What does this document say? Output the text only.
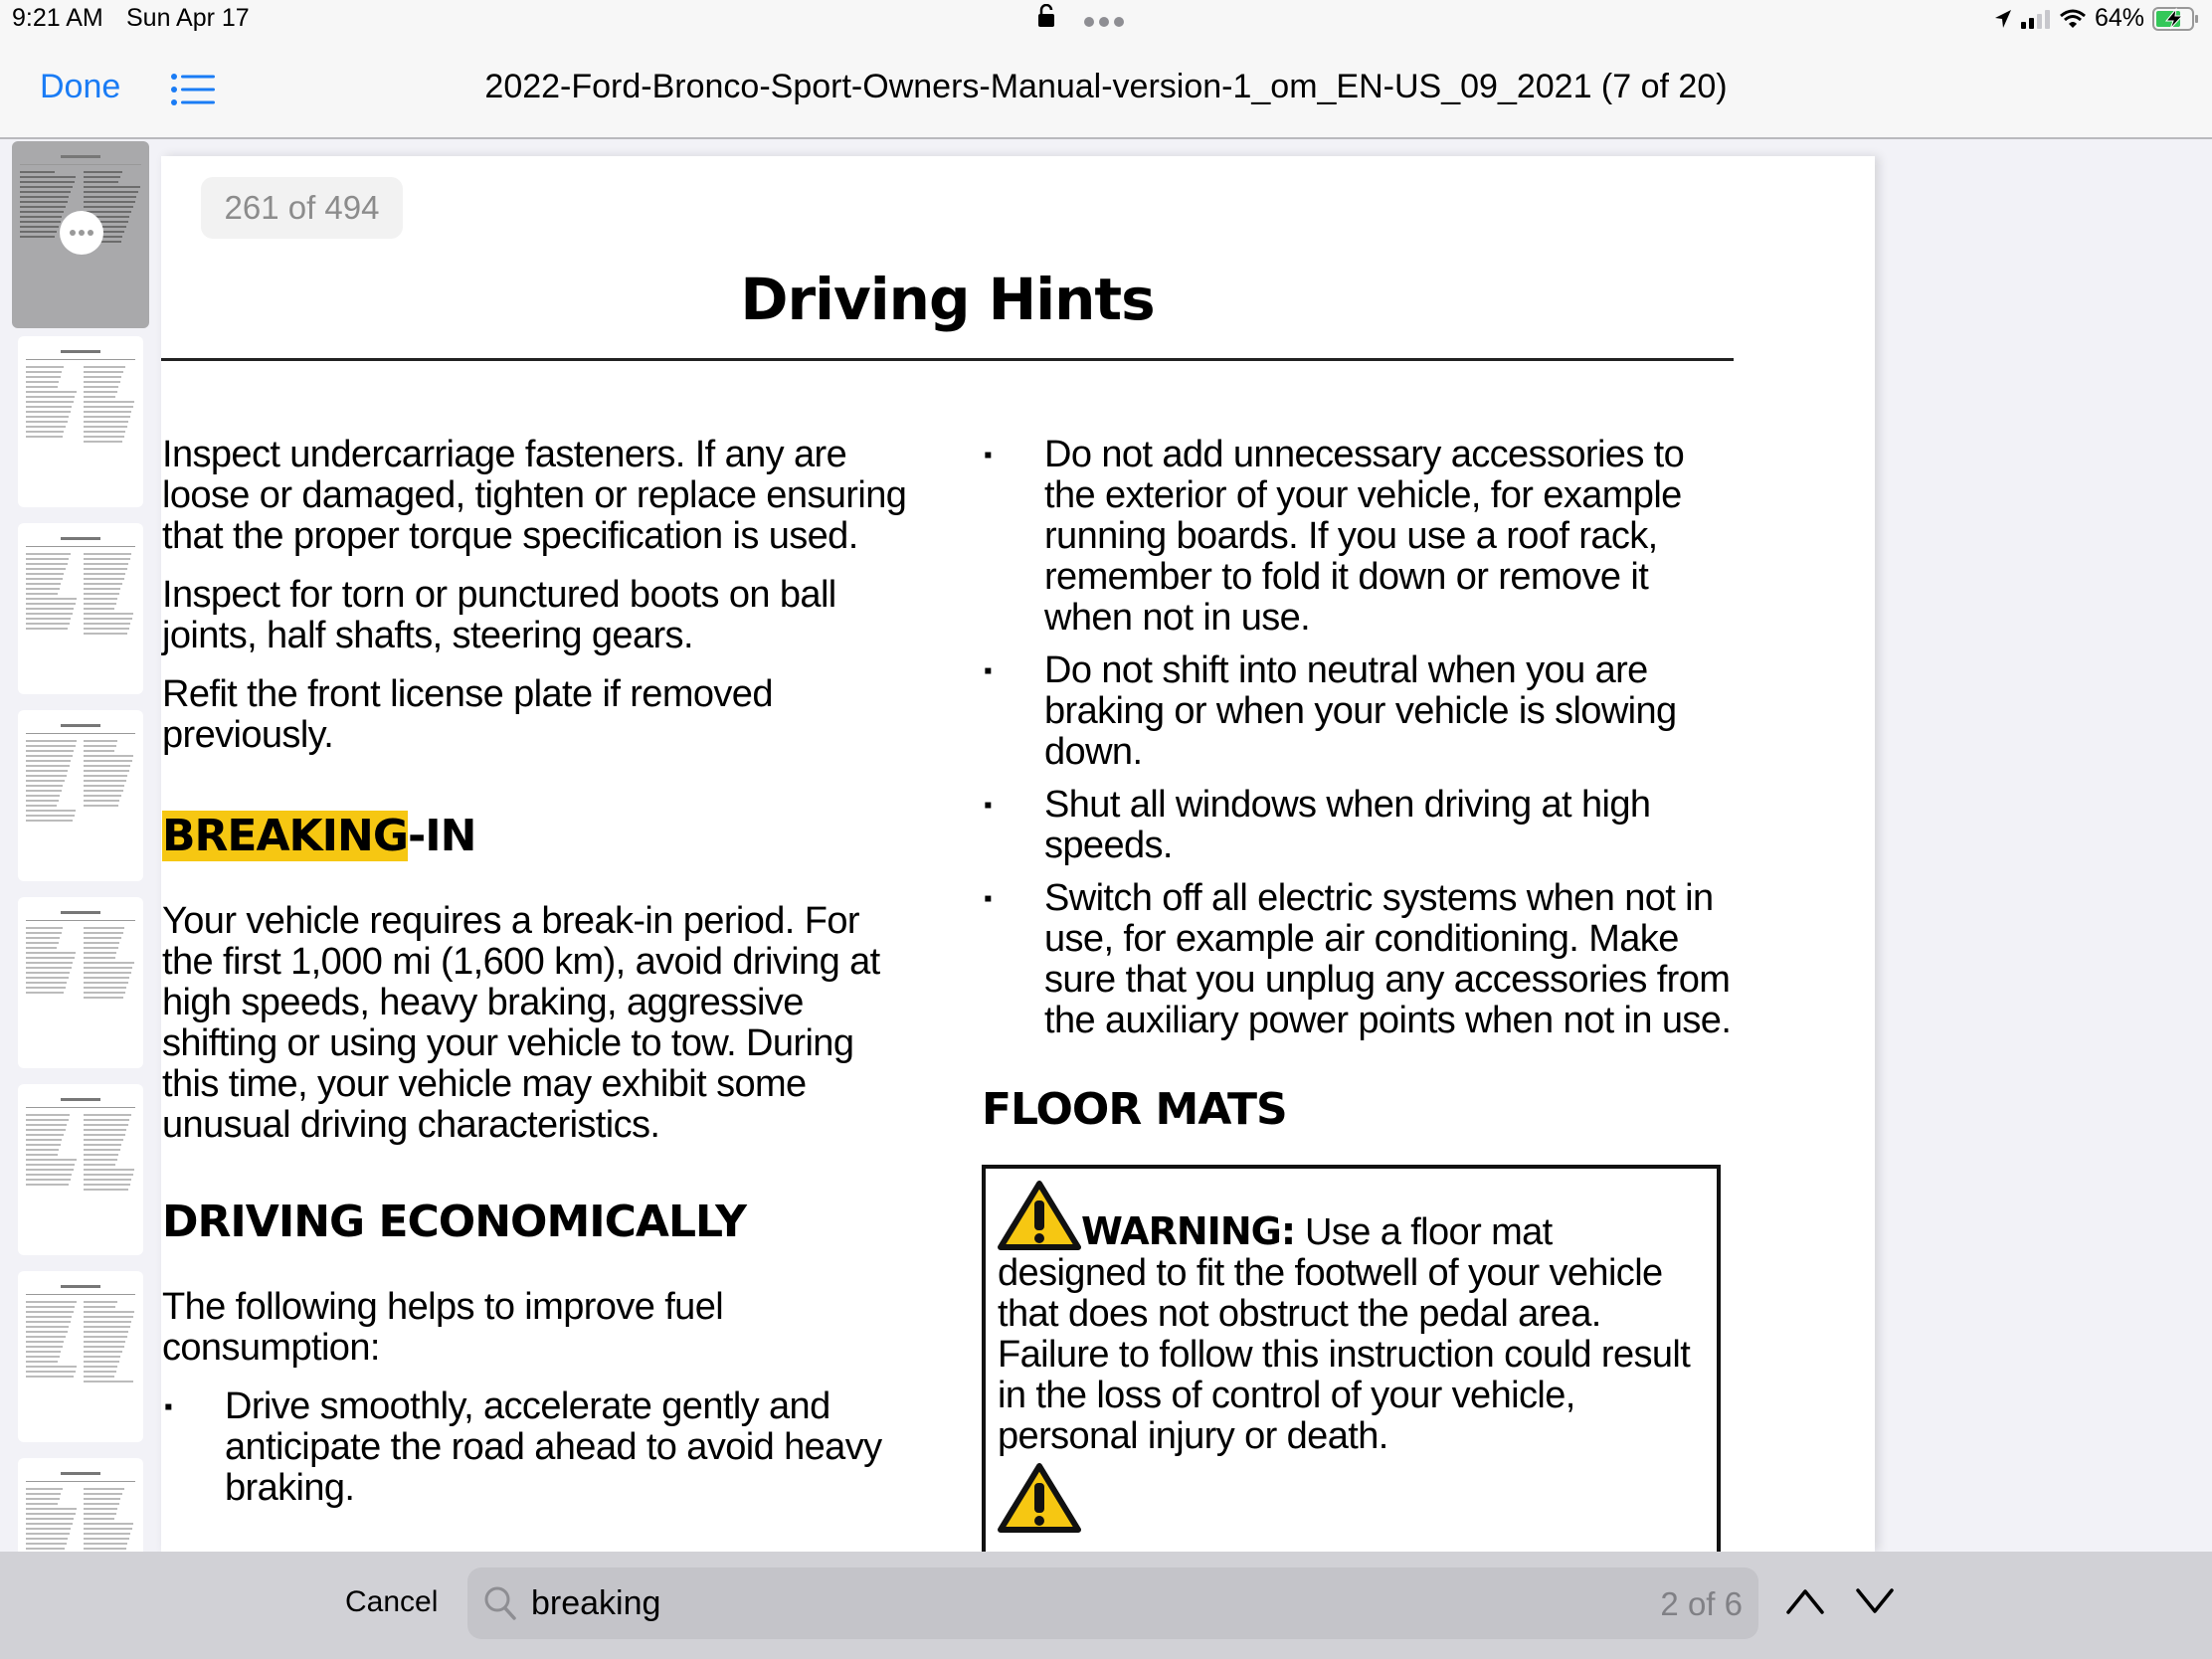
9:21 AM Sun Apr 17	64%
Done	2022-Ford-Bronco-Sport-Owners-Manual-version-1_om_EN-US_09_2021 (7 of 20)
261 of 494
Driving Hints

Inspect undercarriage fasteners. If any are loose or damaged, tighten or replace ensuring that the proper torque specification is used.

Inspect for torn or punctured boots on ball joints, half shafts, steering gears.

Refit the front license plate if removed previously.

BREAKING-IN

Your vehicle requires a break-in period. For the first 1,000 mi (1,600 km), avoid driving at high speeds, heavy braking, aggressive shifting or using your vehicle to tow. During this time, your vehicle may exhibit some unusual driving characteristics.

DRIVING ECONOMICALLY

The following helps to improve fuel consumption:

▪	Drive smoothly, accelerate gently and anticipate the road ahead to avoid heavy braking.
▪	Do not add unnecessary accessories to the exterior of your vehicle, for example running boards. If you use a roof rack, remember to fold it down or remove it when not in use.
▪	Do not shift into neutral when you are braking or when your vehicle is slowing down.
▪	Shut all windows when driving at high speeds.
▪	Switch off all electric systems when not in use, for example air conditioning. Make sure that you unplug any accessories from the auxiliary power points when not in use.
FLOOR MATS
WARNING: Use a floor mat designed to fit the footwell of your vehicle that does not obstruct the pedal area. Failure to follow this instruction could result in the loss of control of your vehicle, personal injury or death.
Cancel
breaking	2 of 6
